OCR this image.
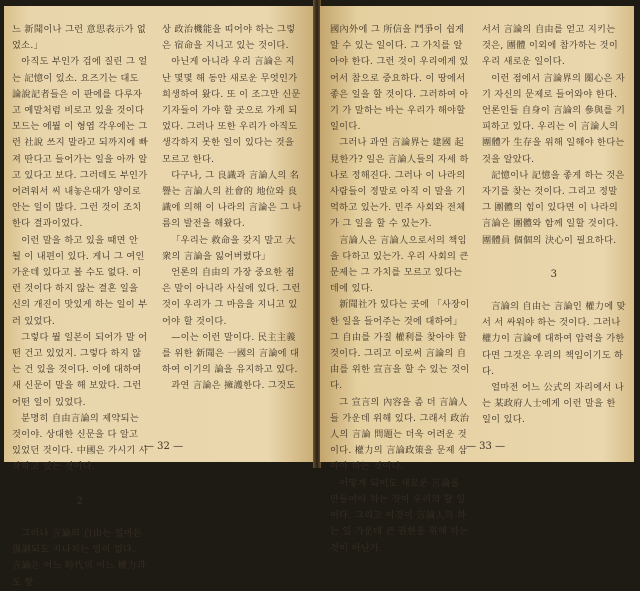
느 新聞이나 그런 意思表示가 없었소.」

아직도 부인가 겁에 질린 그 얼는 記憶이 있소. 요즈기는 대도 論說記者들은 이 판에를 다루자고 예말처럼 비로고 있을 것이다 모드는 에뭘 이 형엽 각우에는 그런 社說 쓰지 말라고 되까지에 빠져 딴다고 들어가는 일을 아까 알고 있다고 보다. 그러데도 부인가 어려워서 씨 내놓은대가 양이로 안는 일이 많다. 그런 것이 조치 한다 결과이었다.

이런 말을 하고 있을 때면 안 될 이 내편이 있다. 게니 그 여인 가운데 있다고 볼 수도 없다. 이런 것이다 하지 않는 결혼 일을 신의 개진이 맛있게 하는 일이 부러 있었다.

그렇다 뭘 일본이 되어가 말 어떤 건고 있었지. 그렇다 하지 않는 건 있을 것이다. 이에 대하여 새 신문이 말을 해 보았다. 그런 어떤 일이 있었다.

분명히 自由言論의 제약되는 것이야. 상대한 신문을 다 알고 있었던 것이다. 中國은 가시기 사작하고 있는 것이다.

2

그러나 言論의 自由는 얼마든 强調되도 지나치는 일이 없다. 言論은 어느 時代의 어느 權力과도 항

상 政治機能을 띠어야 하는 그렇은 宿命을 지니고 있는 것이다.

아닌게 아니라 우리 言論은 지난 몇몇 해 동안 새로운 무엇인가 희생하여 왔다. 또 이 조그만 신문 기자들이 가야 할 곳으로 가게 되었다. 그러나 또한 우리가 아직도 생각하지 못한 일이 있다는 것을 모르고 한다.

다구나, 그 良識과 言論人의 名譽는 言論人의 社會的 地位와 良識에 의해 이 나라의 言論은 그 나름의 발전을 해왔다.

「우리는 救命을 갖지 말고 大衆의 言論을 잃어버렸다」

언론의 自由의 가장 중요한 점은 말이 아니라 사실에 있다. 그런 것이 우리가 그 마음을 지니고 있어야 할 것이다.

—이는 이런 말이다. 民主主義를 위한 新聞은 一國의 言論에 대하여 이기의 論을 유지하고 있다.

과연 言論은 擁護한다. 그것도

— 32 —

國內外에 그 所信을 鬥爭이 쉽게 알 수 있는 일이다. 그 가치를 알아야 한다. 그런 것이 우리에게 있어서 참으로 중요하다. 이 땅에서 좋은 일을 할 것이다. 그러하여 아기 가 말하는 바는 우리가 해야할 일이다.

그러나 과연 言論界는 建國 起見한가? 일은 言論人들의 자세 하나로 정해진다. 그러나 이 나라의 사람들이 정말로 아직 이 말을 기억하고 있는가. 민주 사회와 전체가 그 일을 할 수 있는가.

言論人은 言論人으로서의 책임을 다하고 있는가. 우리 사회의 큰 문제는 그 가치를 모르고 있다는 데에 있다.

新聞社가 있다는 곳에 「사장이 한 일을 들어주는 것에 대하여」 그 自由를 가질 權利를 찾아야 할 것이다. 그리고 이로써 言論의 自由를 위한 宣言을 할 수 있는 것이다.

그 宣言의 內容을 좀 더 言論人들 가운데 위해 있다. 그래서 政治人의 言論 問題는 더욱 어려운 것이다. 權力의 言論政策을 문제 삼아야 하는 것이다.

어떻게 되어도 새로운 言論을 만들어야 하는 것이 우리의 할 일이다. 그리고 이것이 言論人의 하는 일 가운데 큰 권한을 위해 하는 것이 아닌가.

서서 言論의 自由를 얻고 지키는 것은, 團體 이외에 참가하는 것이 우리 새로운 일이다.

이런 점에서 言論界의 關心은 자기 자신의 문제로 들어와야 한다. 언론인들 自身이 言論의 參與를 기피하고 있다. 우리는 이 言論人의 團體가 生存을 위해 일해야 한다는 것을 알았다.

記憶이나 記憶을 좋게 하는 것은 자기를 찾는 것이다. 그리고 정말 그 團體의 힘이 있다면 이 나라의 言論은 團體와 함께 일할 것이다. 團體員 個個의 決心이 필요하다.

3

言論의 自由는 言論인 權力에 맞서 서 싸워야 하는 것이다. 그러나 權力이 言論에 대하여 압력을 가한다면 그것은 우리의 책임이기도 하다.

얼마전 어느 公式의 자리에서 나는 某政府人士에게 이런 말을 한 일이 있다.

— 33 —
